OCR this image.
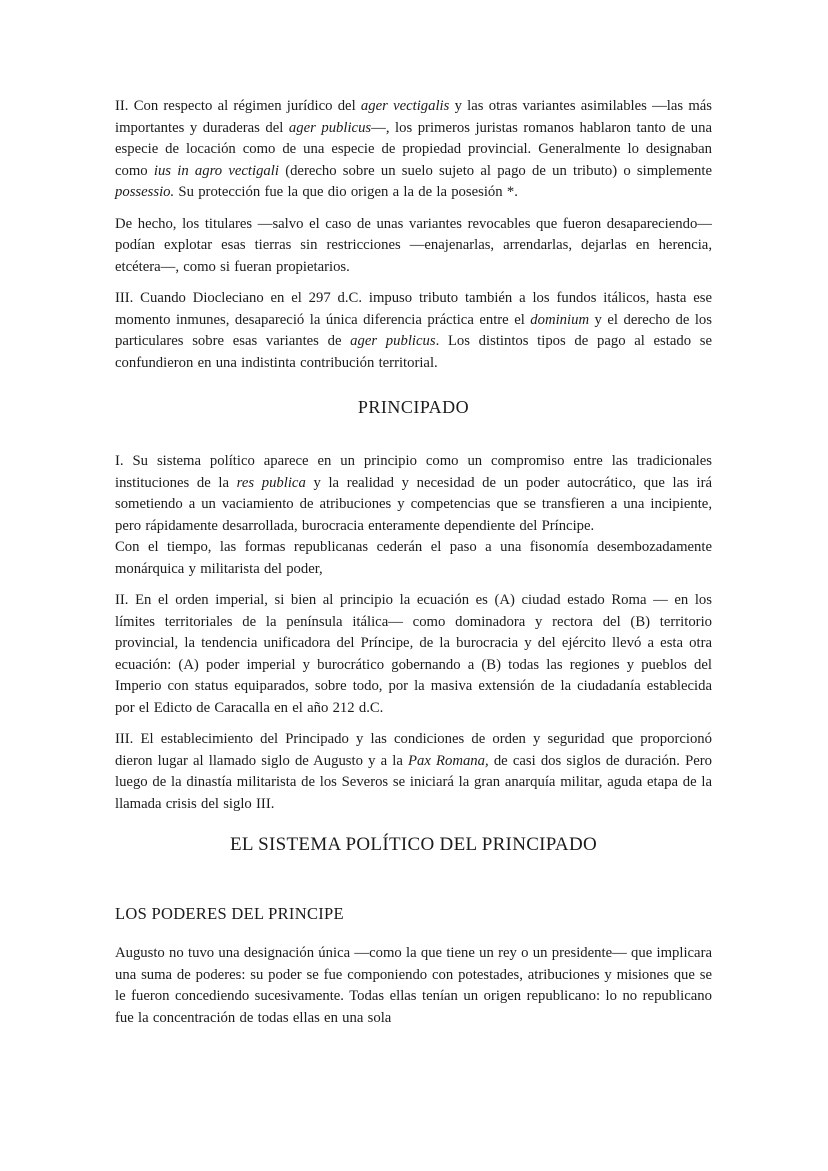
II. Con respecto al régimen jurídico del ager vectigalis y las otras variantes asimilables —las más importantes y duraderas del ager publicus—, los primeros juristas romanos hablaron tanto de una especie de locación como de una especie de propiedad provincial. Generalmente lo designaban como ius in agro vectigali (derecho sobre un suelo sujeto al pago de un tributo) o simplemente possessio. Su protección fue la que dio origen a la de la posesión *.

De hecho, los titulares —salvo el caso de unas variantes revocables que fueron desapareciendo— podían explotar esas tierras sin restricciones —enajenarlas, arrendarlas, dejarlas en herencia, etcétera—, como si fueran propietarios.

III. Cuando Diocleciano en el 297 d.C. impuso tributo también a los fundos itálicos, hasta ese momento inmunes, desapareció la única diferencia práctica entre el dominium y el derecho de los particulares sobre esas variantes de ager publicus. Los distintos tipos de pago al estado se confundieron en una indistinta contribución territorial.

PRINCIPADO

I. Su sistema político aparece en un principio como un compromiso entre las tradicionales instituciones de la res publica y la realidad y necesidad de un poder autocrático, que las irá sometiendo a un vaciamiento de atribuciones y competencias que se transfieren a una incipiente, pero rápidamente desarrollada, burocracia enteramente dependiente del Príncipe.

Con el tiempo, las formas republicanas cederán el paso a una fisonomía desembozadamente monárquica y militarista del poder,

II. En el orden imperial, si bien al principio la ecuación es (A) ciudad estado Roma — en los límites territoriales de la península itálica— como dominadora y rectora del (B) territorio provincial, la tendencia unificadora del Príncipe, de la burocracia y del ejército llevó a esta otra ecuación: (A) poder imperial y burocrático gobernando a (B) todas las regiones y pueblos del Imperio con status equiparados, sobre todo, por la masiva extensión de la ciudadanía establecida por el Edicto de Caracalla en el año 212 d.C.

III. El establecimiento del Principado y las condiciones de orden y seguridad que proporcionó dieron lugar al llamado siglo de Augusto y a la Pax Romana, de casi dos siglos de duración. Pero luego de la dinastía militarista de los Severos se iniciará la gran anarquía militar, aguda etapa de la llamada crisis del siglo III.

EL SISTEMA POLÍTICO DEL PRINCIPADO
LOS PODERES DEL PRINCIPE

Augusto no tuvo una designación única —como la que tiene un rey o un presidente— que implicara una suma de poderes: su poder se fue componiendo con potestades, atribuciones y misiones que se le fueron concediendo sucesivamente. Todas ellas tenían un origen republicano: lo no republicano fue la concentración de todas ellas en una sola
